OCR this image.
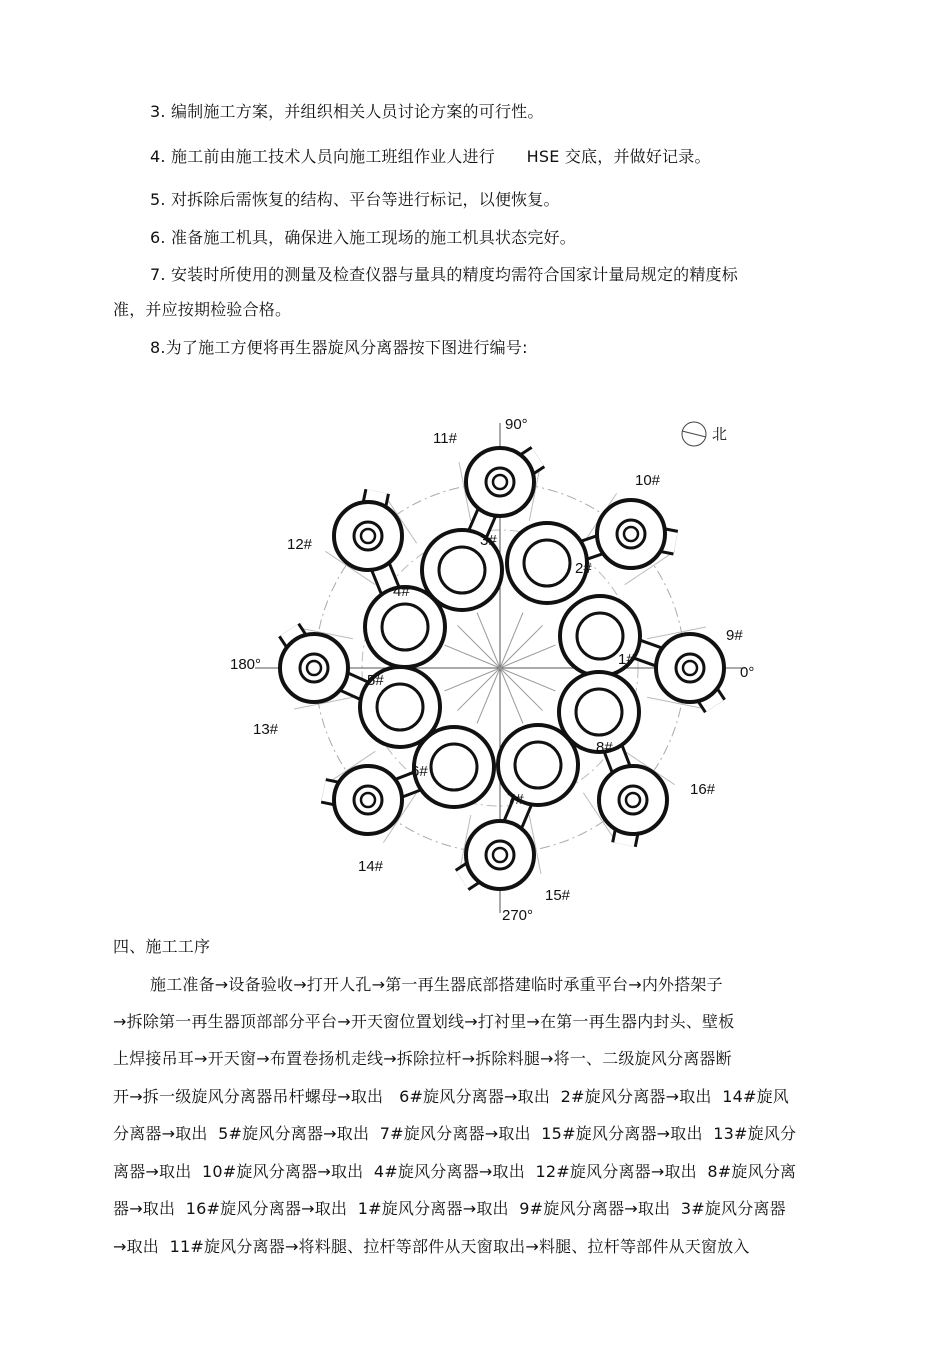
3. 编制施工方案，并组织相关人员讨论方案的可行性。
4. 施工前由施工技术人员向施工班组作业人进行      HSE 交底，并做好记录。
5. 对拆除后需恢复的结构、平台等进行标记，以便恢复。
6. 准备施工机具，确保进入施工现场的施工机具状态完好。
7. 安装时所使用的测量及检查仪器与量具的精度均需符合国家计量局规定的精度标
准，并应按期检验合格。
8.为了施工方便将再生器旋风分离器按下图进行编号:
90°
0°
180°
270°
北
1#
2#
3#
4#
5#
6#
7#
8#
9#
10#
11#
12#
13#
14#
15#
16#
四、施工工序
施工准备→设备验收→打开人孔→第一再生器底部搭建临时承重平台→内外搭架子
→拆除第一再生器顶部部分平台→开天窗位置划线→打衬里→在第一再生器内封头、壁板
上焊接吊耳→开天窗→布置卷扬机走线→拆除拉杆→拆除料腿→将一、二级旋风分离器断
开→拆一级旋风分离器吊杆螺母→取出   6#旋风分离器→取出  2#旋风分离器→取出  14#旋风
分离器→取出  5#旋风分离器→取出  7#旋风分离器→取出  15#旋风分离器→取出  13#旋风分
离器→取出  10#旋风分离器→取出  4#旋风分离器→取出  12#旋风分离器→取出  8#旋风分离
器→取出  16#旋风分离器→取出  1#旋风分离器→取出  9#旋风分离器→取出  3#旋风分离器
→取出  11#旋风分离器→将料腿、拉杆等部件从天窗取出→料腿、拉杆等部件从天窗放入
